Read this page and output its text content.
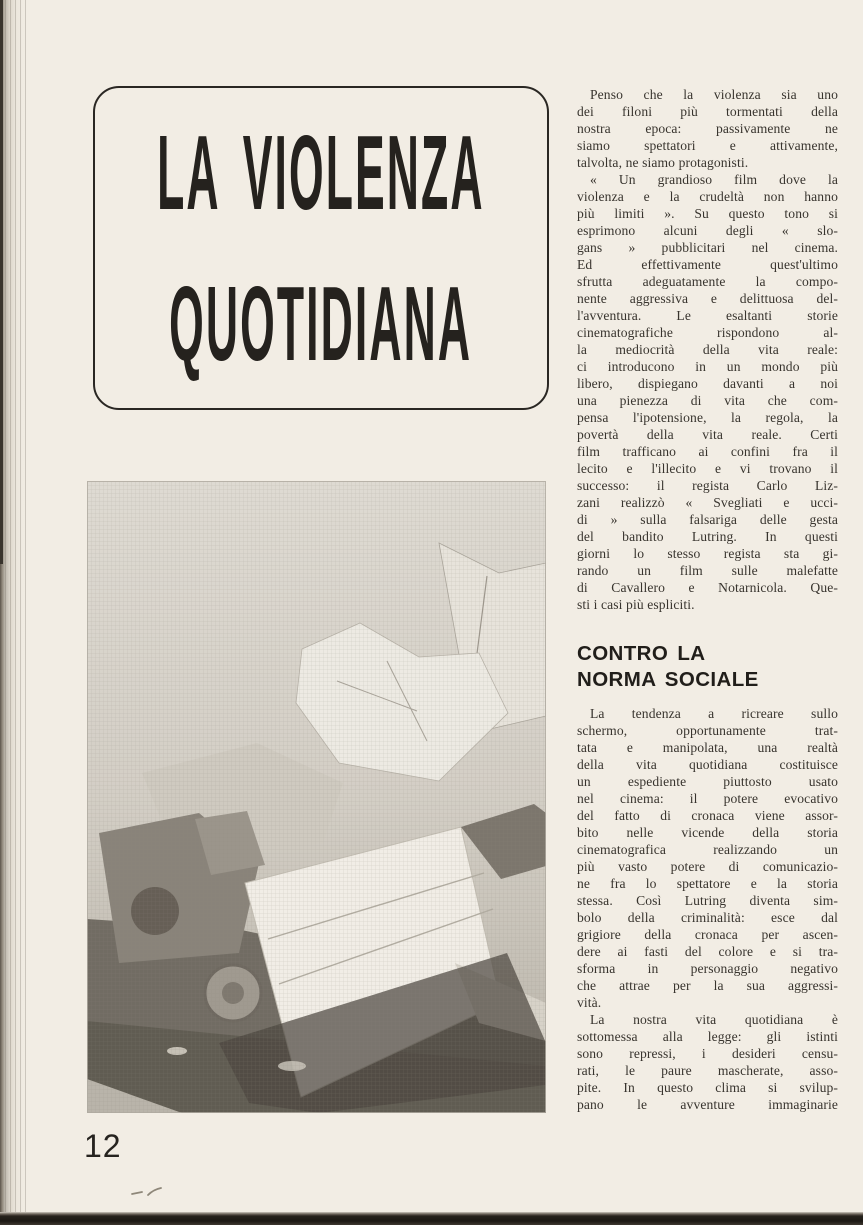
LA VIOLENZA
QUOTIDIANA
Penso che la violenza sia uno
dei filoni più tormentati della
nostra epoca: passivamente ne
siamo spettatori e attivamente,
talvolta, ne siamo protagonisti.
« Un grandioso film dove la
violenza e la crudeltà non hanno
più limiti ». Su questo tono si
esprimono alcuni degli « slo-
gans » pubblicitari nel cinema.
Ed effettivamente quest'ultimo
sfrutta adeguatamente la compo-
nente aggressiva e delittuosa del-
l'avventura. Le esaltanti storie
cinematografiche rispondono al-
la mediocrità della vita reale:
ci introducono in un mondo più
libero, dispiegano davanti a noi
una pienezza di vita che com-
pensa l'ipotensione, la regola, la
povertà della vita reale. Certi
film trafficano ai confini fra il
lecito e l'illecito e vi trovano il
successo: il regista Carlo Liz-
zani realizzò « Svegliati e ucci-
di » sulla falsariga delle gesta
del bandito Lutring. In questi
giorni lo stesso regista sta gi-
rando un film sulle malefatte
di Cavallero e Notarnicola. Que-
sti i casi più espliciti.
CONTRO LA
NORMA SOCIALE
La tendenza a ricreare sullo
schermo, opportunamente trat-
tata e manipolata, una realtà
della vita quotidiana costituisce
un espediente piuttosto usato
nel cinema: il potere evocativo
del fatto di cronaca viene assor-
bito nelle vicende della storia
cinematografica realizzando un
più vasto potere di comunicazio-
ne fra lo spettatore e la storia
stessa. Così Lutring diventa sim-
bolo della criminalità: esce dal
grigiore della cronaca per ascen-
dere ai fasti del colore e si tra-
sforma in personaggio negativo
che attrae per la sua aggressi-
vità.
La nostra vita quotidiana è
sottomessa alla legge: gli istinti
sono repressi, i desideri censu-
rati, le paure mascherate, asso-
pite. In questo clima si svilup-
pano le avventure immaginarie
12
